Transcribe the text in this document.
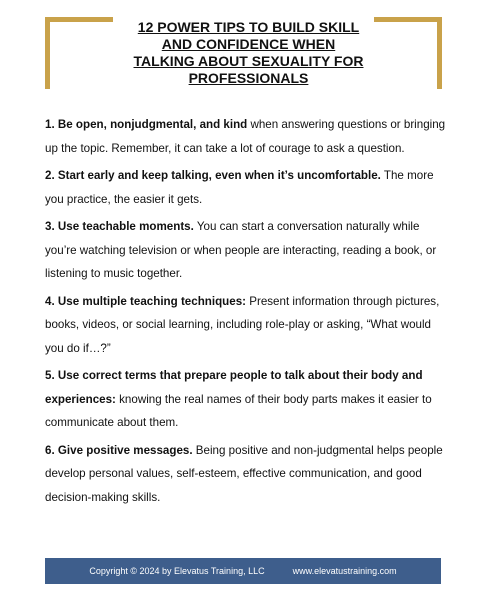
12 POWER TIPS TO BUILD SKILL
AND CONFIDENCE WHEN
TALKING ABOUT SEXUALITY FOR
PROFESSIONALS
1. Be open, nonjudgmental, and kind when answering questions or bringing up the topic. Remember, it can take a lot of courage to ask a question.
2. Start early and keep talking, even when it’s uncomfortable. The more you practice, the easier it gets.
3. Use teachable moments. You can start a conversation naturally while you’re watching television or when people are interacting, reading a book, or listening to music together.
4. Use multiple teaching techniques: Present information through pictures, books, videos, or social learning, including role-play or asking, “What would you do if…?”
5. Use correct terms that prepare people to talk about their body and experiences: knowing the real names of their body parts makes it easier to communicate about them.
6. Give positive messages. Being positive and non-judgmental helps people develop personal values, self-esteem, effective communication, and good decision-making skills.
Copyright © 2024 by Elevatus Training, LLC	www.elevatustraining.com
